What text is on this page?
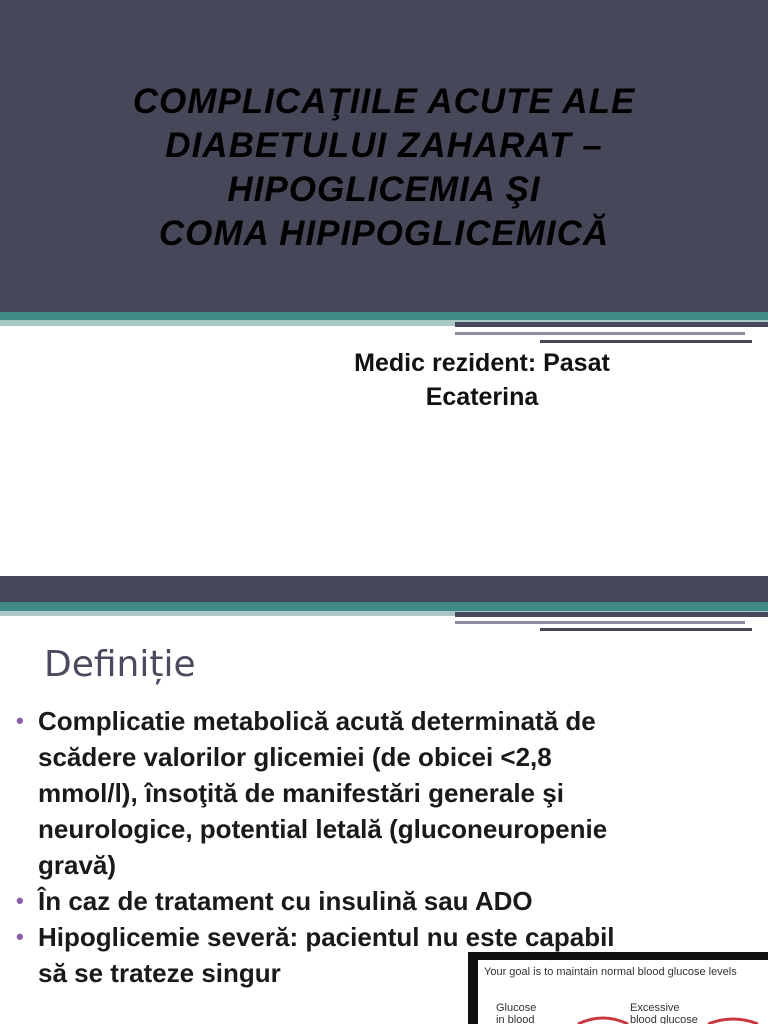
COMPLICAŢIILE ACUTE ALE
DIABETULUI ZAHARAT –
HIPOGLICEMIA ŞI
COMA HIPIPOGLICEMICĂ
Medic rezident: Pasat
Ecaterina
Definiție
• Complicatie metabolică acută determinată de
scădere valorilor glicemiei (de obicei <2,8
mmol/l), însoţită de manifestări generale şi
neurologice, potential letală (gluconeuropenie
gravă)
• În caz de tratament cu insulină sau ADO
• Hipoglicemie severă: pacientul nu este capabil
să se trateze singur	Your goal is to maintain normal blood glucose levels
Glucose
in blood
Excessive
blood glucose
